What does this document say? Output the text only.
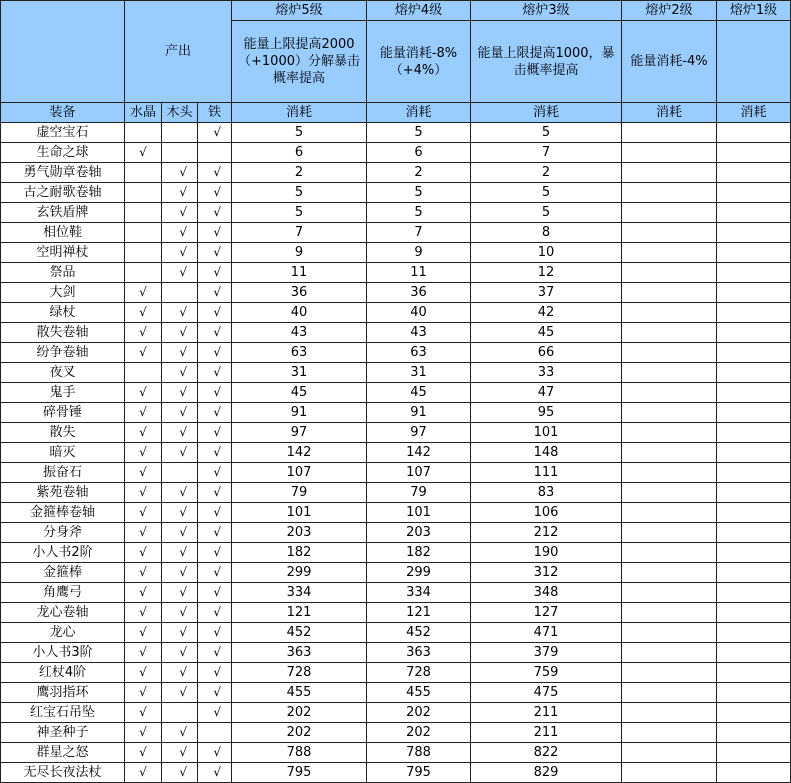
	产出			熔炉5级	熔炉4级	熔炉3级	熔炉2级	熔炉1级
				能量上限提高2000（+1000）分解暴击概率提高	能量消耗-8%（+4%）	能量上限提高1000，暴击概率提高	能量消耗-4%	
装备	水晶	木头	铁	消耗	消耗	消耗	消耗	消耗
虚空宝石			√	5	5	5		
生命之球	√			6	6	7		
勇气勋章卷轴		√	√	2	2	2		
古之耐歌卷轴		√	√	5	5	5		
玄铁盾牌		√	√	5	5	5		
相位鞋		√	√	7	7	8		
空明禅杖		√	√	9	9	10		
祭品		√	√	11	11	12		
大剑	√		√	36	36	37		
绿杖	√	√	√	40	40	42		
散失卷轴	√	√	√	43	43	45		
纷争卷轴	√	√	√	63	63	66		
夜叉		√	√	31	31	33		
鬼手	√	√	√	45	45	47		
碎骨锤	√	√	√	91	91	95		
散失	√	√	√	97	97	101		
暗灭	√	√	√	142	142	148		
振奋石	√		√	107	107	111		
紫苑卷轴	√	√	√	79	79	83		
金箍棒卷轴	√	√	√	101	101	106		
分身斧	√	√	√	203	203	212		
小人书2阶	√	√	√	182	182	190		
金箍棒	√	√	√	299	299	312		
角鹰弓	√	√	√	334	334	348		
龙心卷轴	√	√	√	121	121	127		
龙心	√	√	√	452	452	471		
小人书3阶	√	√	√	363	363	379		
红杖4阶	√	√	√	728	728	759		
鹰羽指环	√	√	√	455	455	475		
红宝石吊坠	√		√	202	202	211		
神圣种子	√	√		202	202	211		
群星之怒	√	√	√	788	788	822		
无尽长夜法杖	√	√	√	795	795	829		
